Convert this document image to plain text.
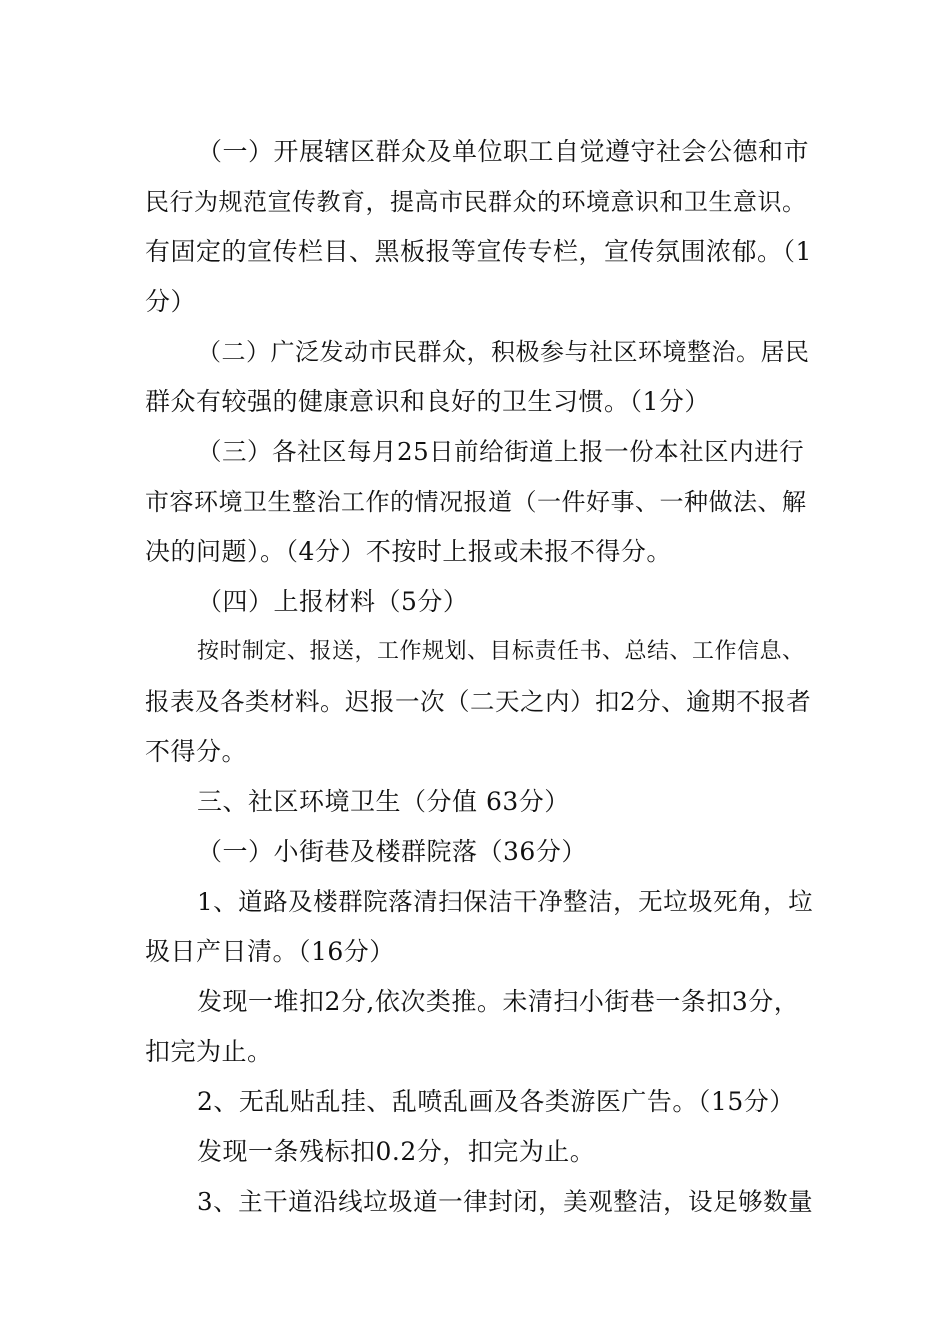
（一）开展辖区群众及单位职工自觉遵守社会公德和市
民行为规范宣传教育，提高市民群众的环境意识和卫生意识。
有固定的宣传栏目、黑板报等宣传专栏，宣传氛围浓郁。（1
分）
（二）广泛发动市民群众，积极参与社区环境整治。居民
群众有较强的健康意识和良好的卫生习惯。（1分）
（三）各社区每月25日前给街道上报一份本社区内进行
市容环境卫生整治工作的情况报道（一件好事、一种做法、解
决的问题）。（4分）不按时上报或未报不得分。
（四）上报材料（5分）
按时制定、报送，工作规划、目标责任书、总结、工作信息、
报表及各类材料。迟报一次（二天之内）扣2分、逾期不报者
不得分。
三、社区环境卫生（分值 63分）
（一）小街巷及楼群院落（36分）
1、道路及楼群院落清扫保洁干净整洁，无垃圾死角，垃
圾日产日清。（16分）
发现一堆扣2分,依次类推。未清扫小街巷一条扣3分，
扣完为止。
2、无乱贴乱挂、乱喷乱画及各类游医广告。（15分）
发现一条残标扣0.2分，扣完为止。
3、主干道沿线垃圾道一律封闭，美观整洁，设足够数量
